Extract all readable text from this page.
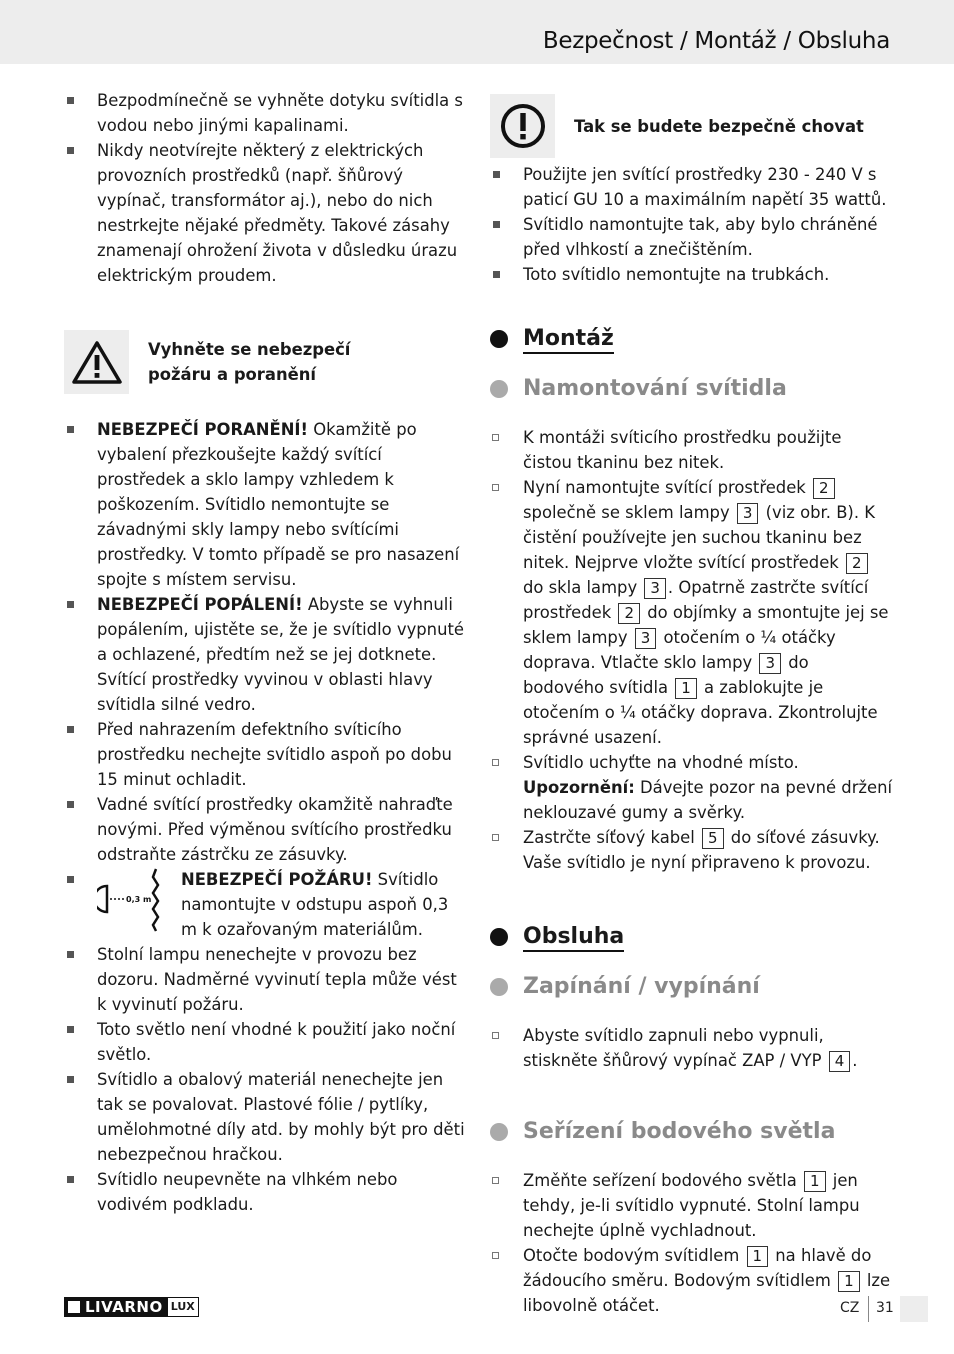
Bezpečnost / Montáž / Obsluha
Bezpodmínečně se vyhněte dotyku svítidla s vodou nebo jinými kapalinami.
Nikdy neotvírejte některý z elektrických provozních prostředků (např. šňůrový vypínač, transformátor aj.), nebo do nich nestrkejte nějaké předměty. Takové zásahy znamenají ohrožení života v důsledku úrazu elektrickým proudem.
Vyhněte se nebezpečí
požáru a poranění
NEBEZPEČÍ PORANĚNÍ! Okamžitě po vybalení přezkoušejte každý svítící prostředek a sklo lampy vzhledem k poškozením. Svítidlo nemontujte se závadnými skly lampy nebo svítícími prostředky. V tomto případě se pro nasazení spojte s místem servisu.
NEBEZPEČÍ POPÁLENÍ! Abyste se vyhnuli popálením, ujistěte se, že je svítidlo vypnuté a ochlazené, předtím než se jej dotknete. Svítící prostředky vyvinou v oblasti hlavy svítidla silné vedro.
Před nahrazením defektního svíticího prostředku nechejte svítidlo aspoň po dobu 15 minut ochladit.
Vadné svítící prostředky okamžitě nahraďte novými. Před výměnou svítícího prostředku odstraňte zástrčku ze zásuvky.
0,3 m
NEBEZPEČÍ POŽÁRU! Svítidlo namontujte v odstupu aspoň 0,3 m k ozařovaným materiálům.
Stolní lampu nenechejte v provozu bez dozoru. Nadměrné vyvinutí tepla může vést k vyvinutí požáru.
Toto světlo není vhodné k použití jako noční světlo.
Svítidlo a obalový materiál nenechejte jen tak se povalovat. Plastové fólie / pytlíky, umělohmotné díly atd. by mohly být pro děti nebezpečnou hračkou.
Svítidlo neupevněte na vlhkém nebo vodivém podkladu.
Tak se budete bezpečně chovat
Použijte jen svítící prostředky 230 - 240 V s paticí GU 10 a maximálním napětí 35 wattů.
Svítidlo namontujte tak, aby bylo chráněné před vlhkostí a znečištěním.
Toto svítidlo nemontujte na trubkách.
Montáž
Namontování svítidla
K montáži svíticího prostředku použijte čistou tkaninu bez nitek.
Nyní namontujte svítící prostředek 2 společně se sklem lampy 3 (viz obr. B). K čistění používejte jen suchou tkaninu bez nitek. Nejprve vložte svítící prostředek 2 do skla lampy 3 . Opatrně zastrčte svítící prostředek 2 do objímky a smontujte jej se sklem lampy 3 otočením o ¼ otáčky doprava. Vtlačte sklo lampy 3 do bodového svítidla 1 a zablokujte je otočením o ¼ otáčky doprava. Zkontrolujte správné usazení.
Svítidlo uchyťte na vhodné místo.
Upozornění: Dávejte pozor na pevné držení neklouzavé gumy a svěrky.
Zastrčte síťový kabel 5 do síťové zásuvky. Vaše svítidlo je nyní připraveno k provozu.
Obsluha
Zapínání / vypínání
Abyste svítidlo zapnuli nebo vypnuli, stiskněte šňůrový vypínač ZAP / VYP 4 .
Seřízení bodového světla
Změňte seřízení bodového světla 1 jen tehdy, je-li svítidlo vypnuté. Stolní lampu nechejte úplně vychladnout.
Otočte bodovým svítidlem 1 na hlavě do žádoucího směru. Bodovým svítidlem 1 lze libovolně otáčet.
LIVARNO LUX	CZ 31
